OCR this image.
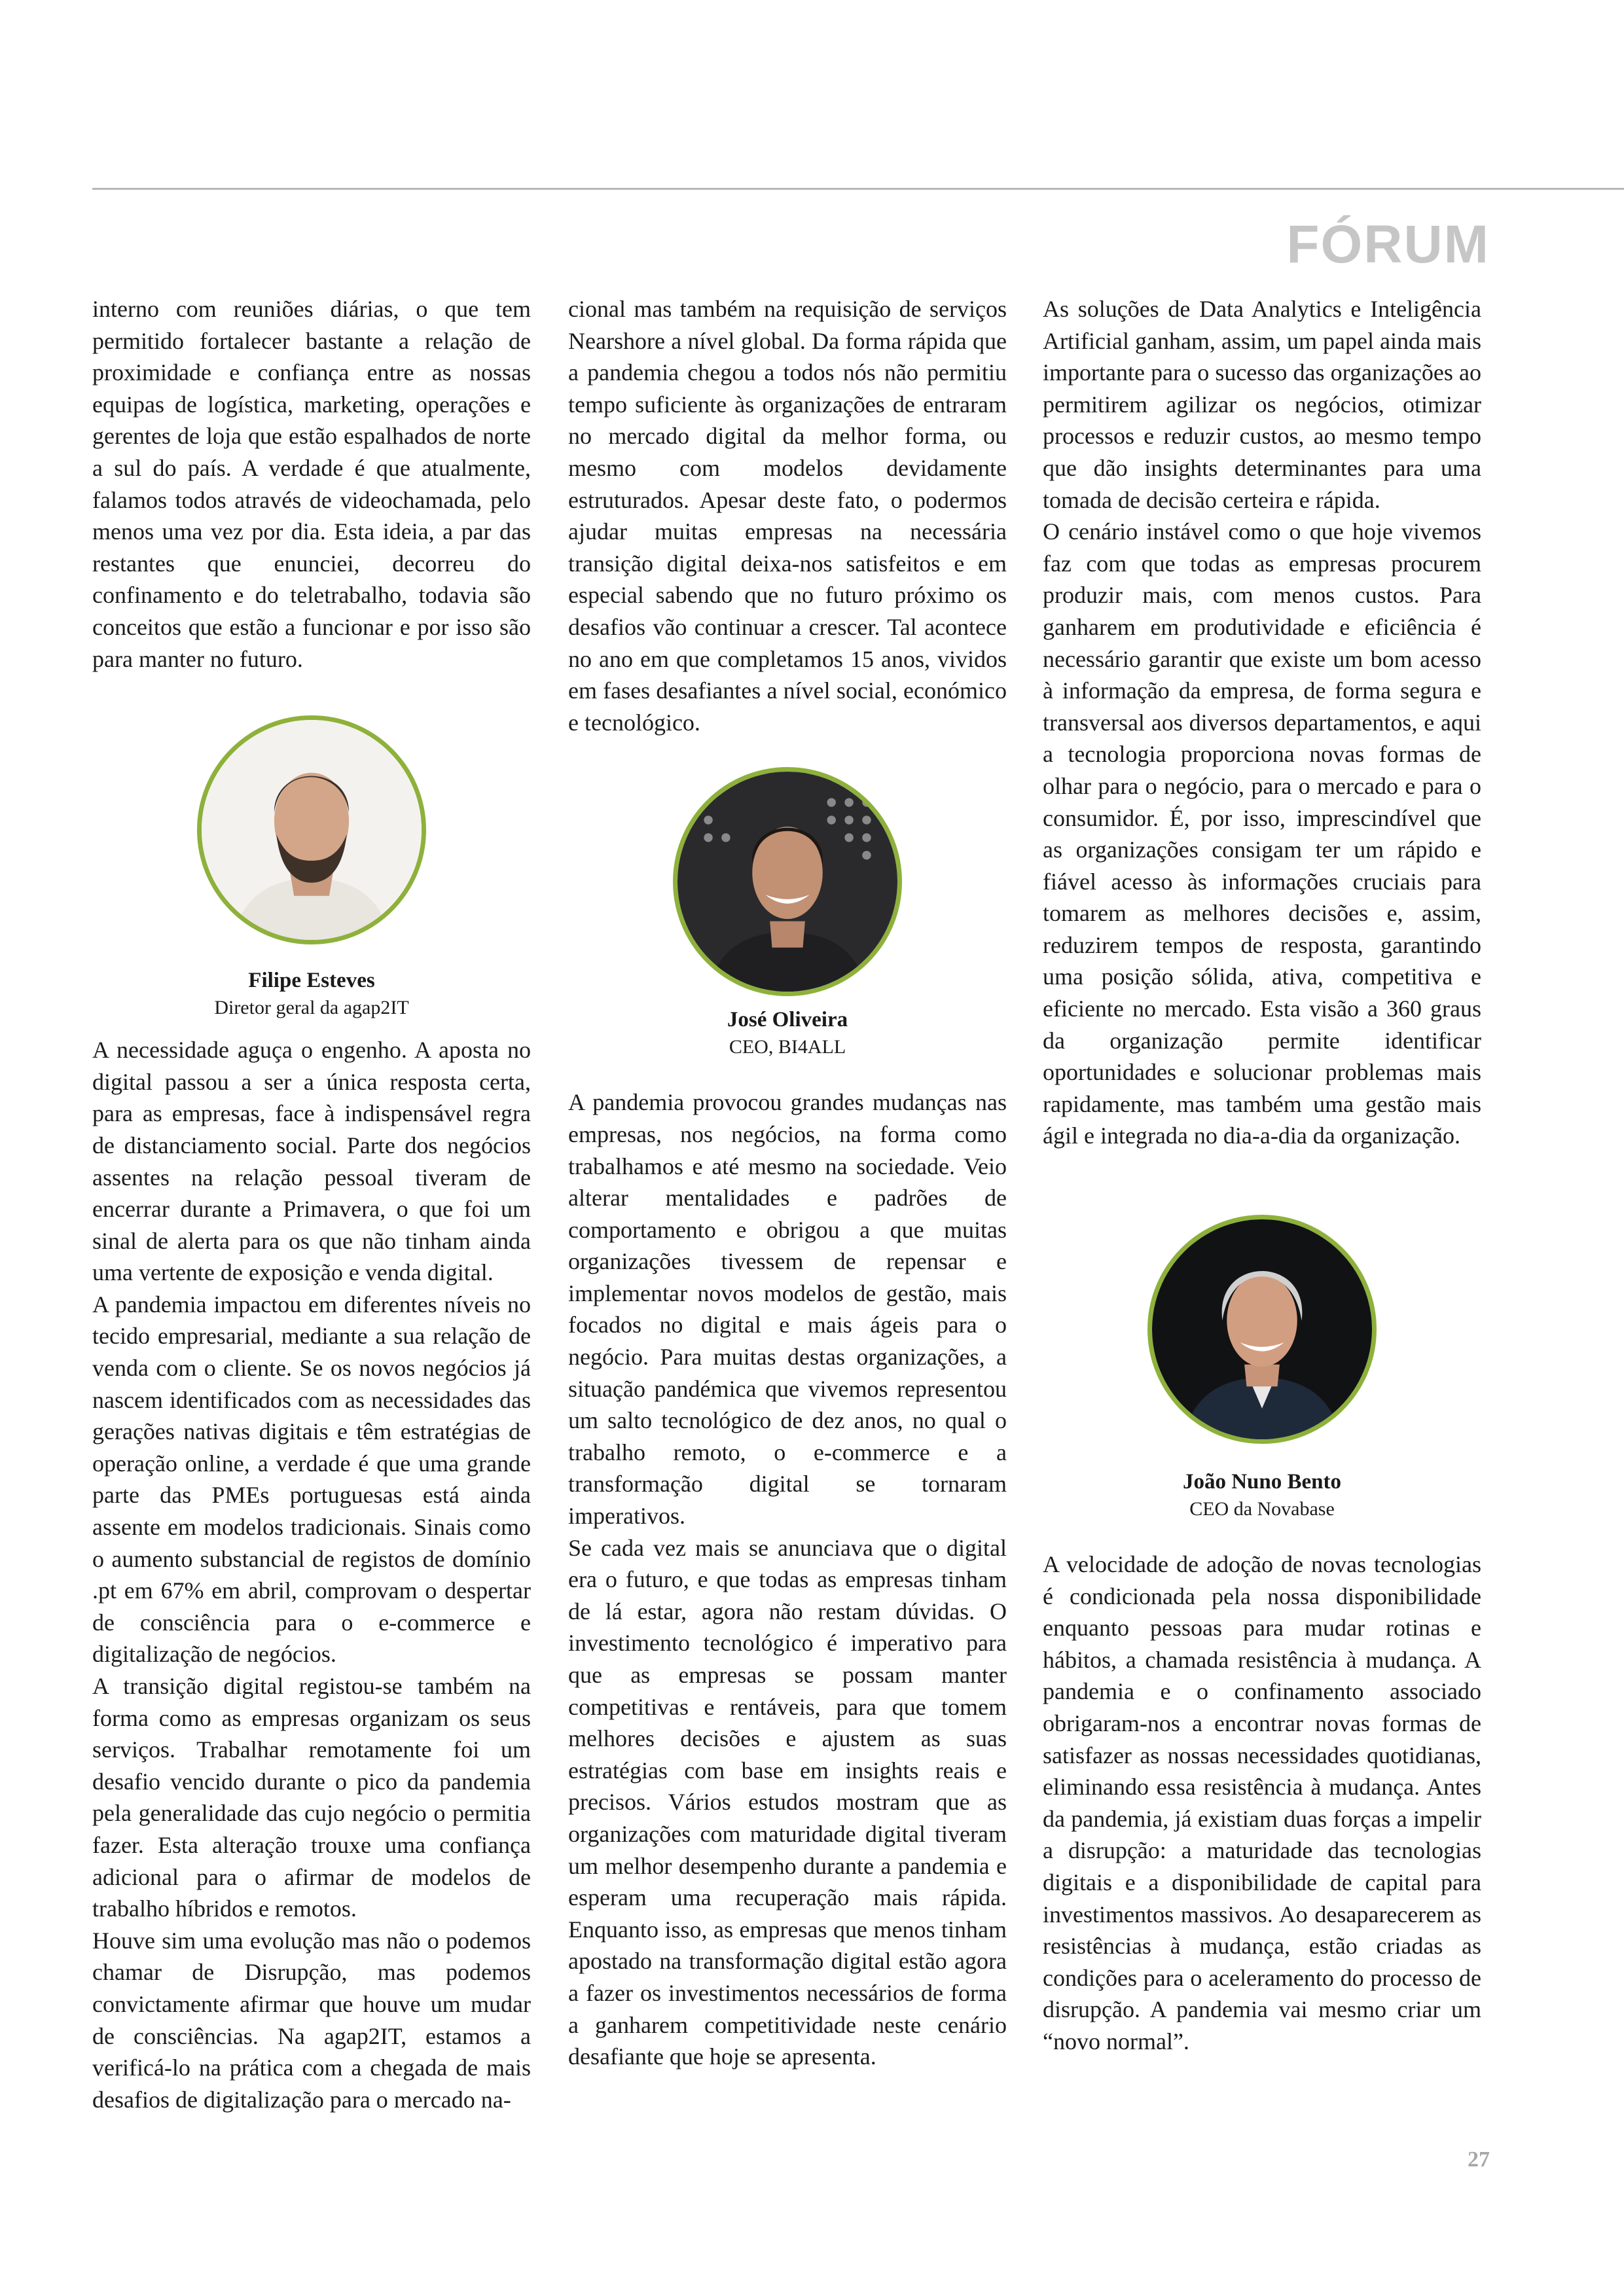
FÓRUM

interno com reuniões diárias, o que tem permitido fortalecer bastante a relação de proximidade e confiança entre as nossas equipas de logística, marketing, operações e gerentes de loja que estão espalhados de norte a sul do país. A verdade é que atualmente, falamos todos através de videochamada, pelo menos uma vez por dia. Esta ideia, a par das restantes que enunciei, decorreu do confinamento e do teletrabalho, todavia são conceitos que estão a funcionar e por isso são para manter no futuro.

Filipe Esteves
Diretor geral da agap2IT

A necessidade aguça o engenho. A aposta no digital passou a ser a única resposta certa, para as empresas, face à indispensável regra de distanciamento social. Parte dos negócios assentes na relação pessoal tiveram de encerrar durante a Primavera, o que foi um sinal de alerta para os que não tinham ainda uma vertente de exposição e venda digital.

A pandemia impactou em diferentes níveis no tecido empresarial, mediante a sua relação de venda com o cliente. Se os novos negócios já nascem identificados com as necessidades das gerações nativas digitais e têm estratégias de operação online, a verdade é que uma grande parte das PMEs portuguesas está ainda assente em modelos tradicionais. Sinais como o aumento substancial de registos de domínio .pt em 67% em abril, comprovam o despertar de consciência para o e-commerce e digitalização de negócios.

A transição digital registou-se também na forma como as empresas organizam os seus serviços. Trabalhar remotamente foi um desafio vencido durante o pico da pandemia pela generalidade das cujo negócio o permitia fazer. Esta alteração trouxe uma confiança adicional para o afirmar de modelos de trabalho híbridos e remotos.

Houve sim uma evolução mas não o podemos chamar de Disrupção, mas podemos convictamente afirmar que houve um mudar de consciências. Na agap2IT, estamos a verificá-lo na prática com a chegada de mais desafios de digitalização para o mercado na-

cional mas também na requisição de serviços Nearshore a nível global. Da forma rápida que a pandemia chegou a todos nós não permitiu tempo suficiente às organizações de entraram no mercado digital da melhor forma, ou mesmo com modelos devidamente estruturados. Apesar deste fato, o podermos ajudar muitas empresas na necessária transição digital deixa-nos satisfeitos e em especial sabendo que no futuro próximo os desafios vão continuar a crescer. Tal acontece no ano em que completamos 15 anos, vividos em fases desafiantes a nível social, económico e tecnológico.

José Oliveira
CEO, BI4ALL

A pandemia provocou grandes mudanças nas empresas, nos negócios, na forma como trabalhamos e até mesmo na sociedade. Veio alterar mentalidades e padrões de comportamento e obrigou a que muitas organizações tivessem de repensar e implementar novos modelos de gestão, mais focados no digital e mais ágeis para o negócio. Para muitas destas organizações, a situação pandémica que vivemos representou um salto tecnológico de dez anos, no qual o trabalho remoto, o e-commerce e a transformação digital se tornaram imperativos.

Se cada vez mais se anunciava que o digital era o futuro, e que todas as empresas tinham de lá estar, agora não restam dúvidas. O investimento tecnológico é imperativo para que as empresas se possam manter competitivas e rentáveis, para que tomem melhores decisões e ajustem as suas estratégias com base em insights reais e precisos. Vários estudos mostram que as organizações com maturidade digital tiveram um melhor desempenho durante a pandemia e esperam uma recuperação mais rápida. Enquanto isso, as empresas que menos tinham apostado na transformação digital estão agora a fazer os investimentos necessários de forma a ganharem competitividade neste cenário desafiante que hoje se apresenta.

As soluções de Data Analytics e Inteligência Artificial ganham, assim, um papel ainda mais importante para o sucesso das organizações ao permitirem agilizar os negócios, otimizar processos e reduzir custos, ao mesmo tempo que dão insights determinantes para uma tomada de decisão certeira e rápida.

O cenário instável como o que hoje vivemos faz com que todas as empresas procurem produzir mais, com menos custos. Para ganharem em produtividade e eficiência é necessário garantir que existe um bom acesso à informação da empresa, de forma segura e transversal aos diversos departamentos, e aqui a tecnologia proporciona novas formas de olhar para o negócio, para o mercado e para o consumidor. É, por isso, imprescindível que as organizações consigam ter um rápido e fiável acesso às informações cruciais para tomarem as melhores decisões e, assim, reduzirem tempos de resposta, garantindo uma posição sólida, ativa, competitiva e eficiente no mercado. Esta visão a 360 graus da organização permite identificar oportunidades e solucionar problemas mais rapidamente, mas também uma gestão mais ágil e integrada no dia-a-dia da organização.

João Nuno Bento
CEO da Novabase

A velocidade de adoção de novas tecnologias é condicionada pela nossa disponibilidade enquanto pessoas para mudar rotinas e hábitos, a chamada resistência à mudança. A pandemia e o confinamento associado obrigaram-nos a encontrar novas formas de satisfazer as nossas necessidades quotidianas, eliminando essa resistência à mudança. Antes da pandemia, já existiam duas forças a impelir a disrupção: a maturidade das tecnologias digitais e a disponibilidade de capital para investimentos massivos. Ao desaparecerem as resistências à mudança, estão criadas as condições para o aceleramento do processo de disrupção. A pandemia vai mesmo criar um “novo normal”.

27
